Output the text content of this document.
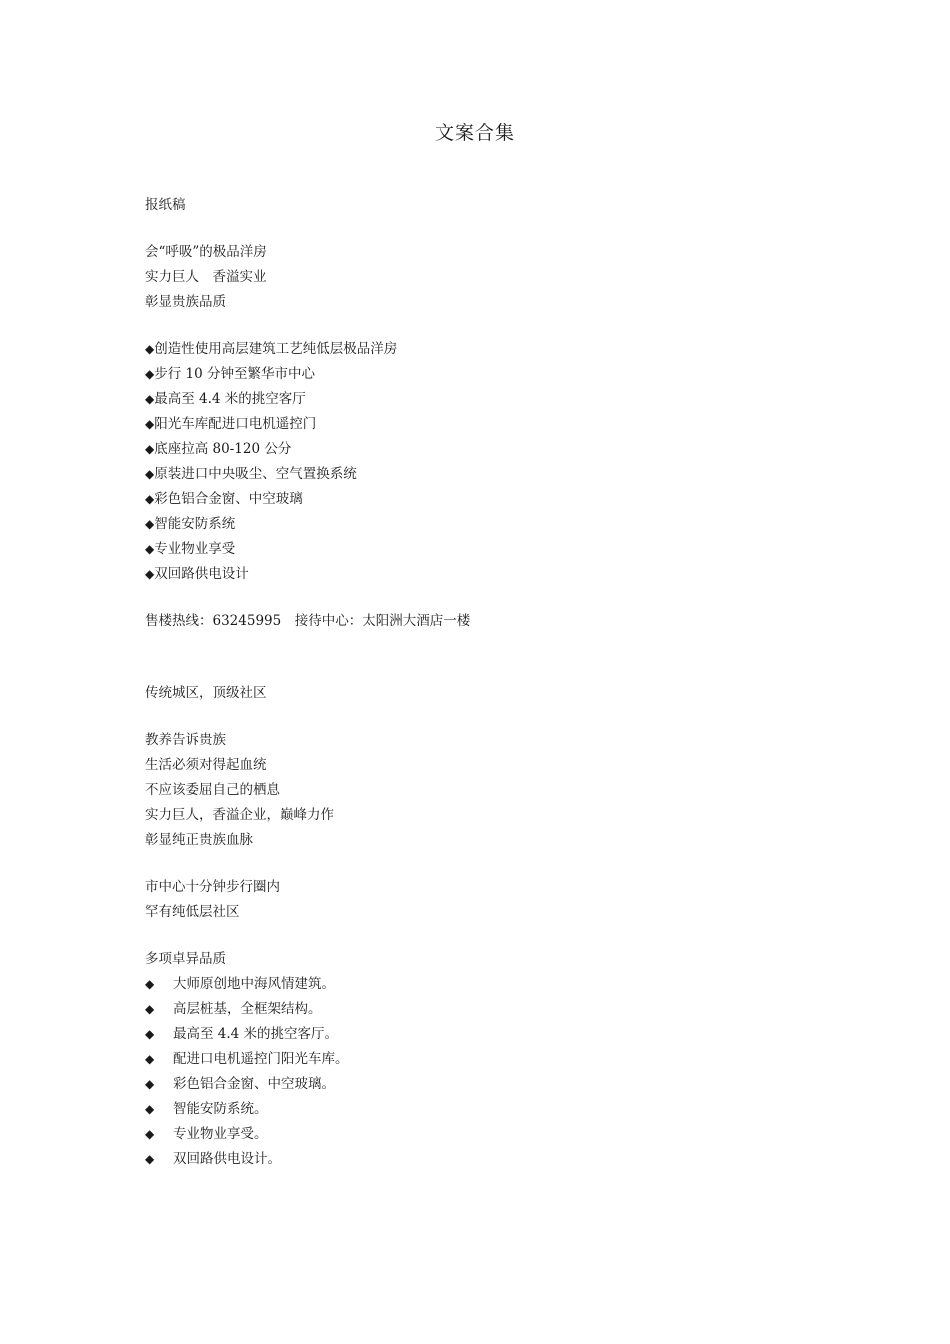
文案合集
报纸稿
会“呼吸”的极品洋房
实力巨人　香溢实业
彰显贵族品质
◆创造性使用高层建筑工艺纯低层极品洋房
◆步行 10 分钟至繁华市中心
◆最高至 4.4 米的挑空客厅
◆阳光车库配进口电机遥控门
◆底座拉高 80-120 公分
◆原装进口中央吸尘、空气置换系统
◆彩色铝合金窗、中空玻璃
◆智能安防系统
◆专业物业享受
◆双回路供电设计
售楼热线：63245995　接待中心：太阳洲大酒店一楼
传统城区，顶级社区
教养告诉贵族
生活必须对得起血统
不应该委屈自己的栖息
实力巨人，香溢企业，巅峰力作
彰显纯正贵族血脉
市中心十分钟步行圈内
罕有纯低层社区
多项卓异品质
◆ 大师原创地中海风情建筑。
◆ 高层桩基，全框架结构。
◆ 最高至 4.4 米的挑空客厅。
◆ 配进口电机遥控门阳光车库。
◆ 彩色铝合金窗、中空玻璃。
◆ 智能安防系统。
◆ 专业物业享受。
◆ 双回路供电设计。
